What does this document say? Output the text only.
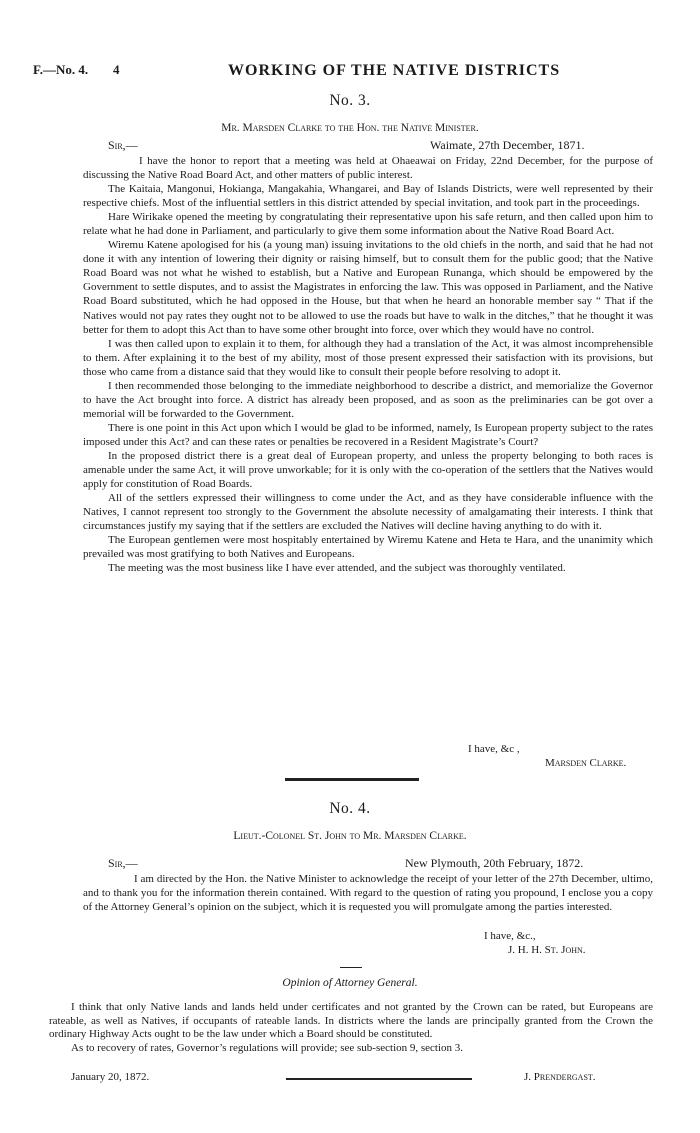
F.—No. 4. 4	WORKING OF THE NATIVE DISTRICTS
No. 3.
Mr. Marsden Clarke to the Hon. the Native Minister.
Sir,—	Waimate, 27th December, 1871.

I have the honor to report that a meeting was held at Ohaeawai on Friday, 22nd December, for the purpose of discussing the Native Road Board Act, and other matters of public interest.

The Kaitaia, Mangonui, Hokianga, Mangakahia, Whangarei, and Bay of Islands Districts, were well represented by their respective chiefs. Most of the influential settlers in this district attended by special invitation, and took part in the proceedings.

Hare Wirikake opened the meeting by congratulating their representative upon his safe return, and then called upon him to relate what he had done in Parliament, and particularly to give them some information about the Native Road Board Act.

Wiremu Katene apologised for his (a young man) issuing invitations to the old chiefs in the north, and said that he had not done it with any intention of lowering their dignity or raising himself, but to consult them for the public good; that the Native Road Board was not what he wished to establish, but a Native and European Runanga, which should be empowered by the Government to settle disputes, and to assist the Magistrates in enforcing the law. This was opposed in Parliament, and the Native Road Board substituted, which he had opposed in the House, but that when he heard an honorable member say “ That if the Natives would not pay rates they ought not to be allowed to use the roads but have to walk in the ditches,” that he thought it was better for them to adopt this Act than to have some other brought into force, over which they would have no control.

I was then called upon to explain it to them, for although they had a translation of the Act, it was almost incomprehensible to them. After explaining it to the best of my ability, most of those present expressed their satisfaction with its provisions, but those who came from a distance said that they would like to consult their people before resolving to adopt it.

I then recommended those belonging to the immediate neighborhood to describe a district, and memorialize the Governor to have the Act brought into force. A district has already been proposed, and as soon as the preliminaries can be got over a memorial will be forwarded to the Government.

There is one point in this Act upon which I would be glad to be informed, namely, Is European property subject to the rates imposed under this Act? and can these rates or penalties be recovered in a Resident Magistrate’s Court?

In the proposed district there is a great deal of European property, and unless the property belonging to both races is amenable under the same Act, it will prove unworkable; for it is only with the co-operation of the settlers that the Natives would apply for constitution of Road Boards.

All of the settlers expressed their willingness to come under the Act, and as they have considerable influence with the Natives, I cannot represent too strongly to the Government the absolute necessity of amalgamating their interests. I think that circumstances justify my saying that if the settlers are excluded the Natives will decline having anything to do with it.

The European gentlemen were most hospitably entertained by Wiremu Katene and Heta te Hara, and the unanimity which prevailed was most gratifying to both Natives and Europeans.

The meeting was the most business like I have ever attended, and the subject was thoroughly ventilated.

I have, &c ,
Marsden Clarke.
No. 4.
Lieut.-Colonel St. John to Mr. Marsden Clarke.
Sir,—	New Plymouth, 20th February, 1872.

I am directed by the Hon. the Native Minister to acknowledge the receipt of your letter of the 27th December, ultimo, and to thank you for the information therein contained. With regard to the question of rating you propound, I enclose you a copy of the Attorney General’s opinion on the subject, which it is requested you will promulgate among the parties interested.

I have, &c.,
J. H. H. St. John.
Opinion of Attorney General.

I think that only Native lands and lands held under certificates and not granted by the Crown can be rated, but Europeans are rateable, as well as Natives, if occupants of rateable lands. In districts where the lands are principally granted from the Crown the ordinary Highway Acts ought to be the law under which a Board should be constituted.

As to recovery of rates, Governor’s regulations will provide; see sub-section 9, section 3.

January 20, 1872.	J. Prendergast.
